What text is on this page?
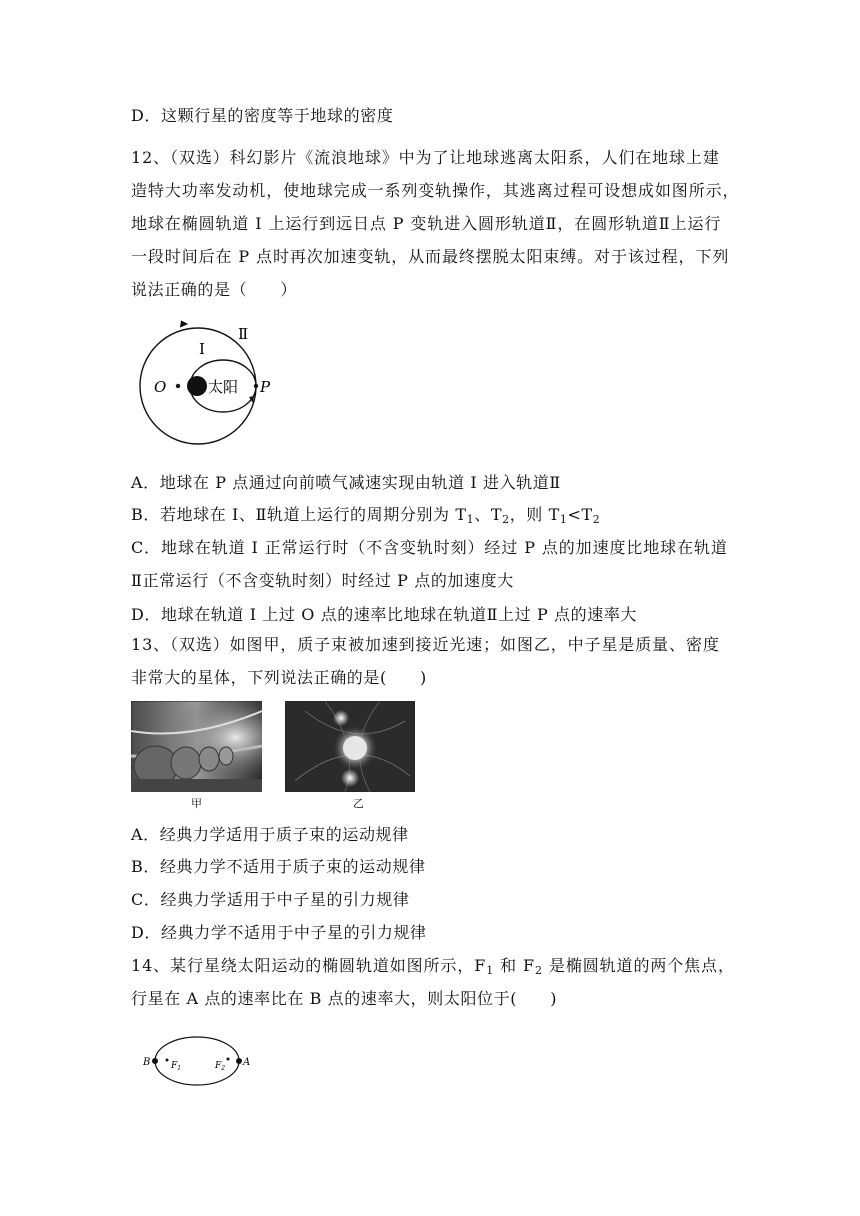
D．这颗行星的密度等于地球的密度
12、（双选）科幻影片《流浪地球》中为了让地球逃离太阳系，人们在地球上建
造特大功率发动机，使地球完成一系列变轨操作，其逃离过程可设想成如图所示，
地球在椭圆轨道 I 上运行到远日点 P 变轨进入圆形轨道Ⅱ，在圆形轨道Ⅱ上运行
一段时间后在 P 点时再次加速变轨，从而最终摆脱太阳束缚。对于该过程，下列
说法正确的是（　　）
I
Ⅱ
O	P
太阳
A．地球在 P 点通过向前喷气减速实现由轨道 I 进入轨道Ⅱ
B．若地球在 I、Ⅱ轨道上运行的周期分别为 $T_1$、$T_2$，则 $T_1<T_2$
C．地球在轨道 I 正常运行时（不含变轨时刻）经过 P 点的加速度比地球在轨道
Ⅱ正常运行（不含变轨时刻）时经过 P 点的加速度大
D．地球在轨道 I 上过 O 点的速率比地球在轨道Ⅱ上过 P 点的速率大
13、（双选）如图甲，质子束被加速到接近光速；如图乙，中子星是质量、密度
非常大的星体，下列说法正确的是(　　)
甲	乙
A．经典力学适用于质子束的运动规律
B．经典力学不适用于质子束的运动规律
C．经典力学适用于中子星的引力规律
D．经典力学不适用于中子星的引力规律
14、某行星绕太阳运动的椭圆轨道如图所示，$F_1$ 和 $F_2$ 是椭圆轨道的两个焦点，
行星在 A 点的速率比在 B 点的速率大，则太阳位于(　　)
B	A
$F_1$	$F_2$
